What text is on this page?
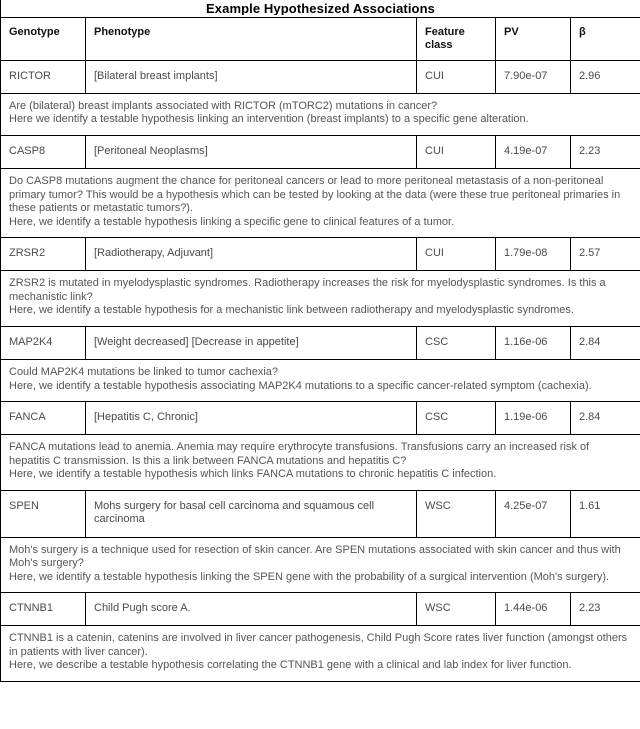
Example Hypothesized Associations				

Genotype	Phenotype	Feature class	PV	β
RICTOR	[Bilateral breast implants]	CUI	7.90e-07	2.96

Are (bilateral) breast implants associated with RICTOR (mTORC2) mutations in cancer?
Here we identify a testable hypothesis linking an intervention (breast implants) to a specific gene alteration.				

CASP8	[Peritoneal Neoplasms]	CUI	4.19e-07	2.23

Do CASP8 mutations augment the chance for peritoneal cancers or lead to more peritoneal metastasis of a non-peritoneal primary tumor? This would be a hypothesis which can be tested by looking at the data (were these true peritoneal primaries in these patients or metastatic tumors?).
Here, we identify a testable hypothesis linking a specific gene to clinical features of a tumor.				

ZRSR2	[Radiotherapy, Adjuvant]	CUI	1.79e-08	2.57

ZRSR2 is mutated in myelodysplastic syndromes. Radiotherapy increases the risk for myelodysplastic syndromes. Is this a mechanistic link?
Here, we identify a testable hypothesis for a mechanistic link between radiotherapy and myelodysplastic syndromes.				

MAP2K4	[Weight decreased] [Decrease in appetite]	CSC	1.16e-06	2.84

Could MAP2K4 mutations be linked to tumor cachexia?
Here, we identify a testable hypothesis associating MAP2K4 mutations to a specific cancer-related symptom (cachexia).				

FANCA	[Hepatitis C, Chronic]	CSC	1.19e-06	2.84

FANCA mutations lead to anemia. Anemia may require erythrocyte transfusions. Transfusions carry an increased risk of hepatitis C transmission. Is this a link between FANCA mutations and hepatitis C?
Here, we identify a testable hypothesis which links FANCA mutations to chronic hepatitis C infection.				

SPEN	Mohs surgery for basal cell carcinoma and squamous cell carcinoma	WSC	4.25e-07	1.61

Moh's surgery is a technique used for resection of skin cancer. Are SPEN mutations associated with skin cancer and thus with Moh's surgery?
Here, we identify a testable hypothesis linking the SPEN gene with the probability of a surgical intervention (Moh's surgery).				

CTNNB1	Child Pugh score A.	WSC	1.44e-06	2.23

CTNNB1 is a catenin, catenins are involved in liver cancer pathogenesis, Child Pugh Score rates liver function (amongst others in patients with liver cancer).
Here, we describe a testable hypothesis correlating the CTNNB1 gene with a clinical and lab index for liver function.				
